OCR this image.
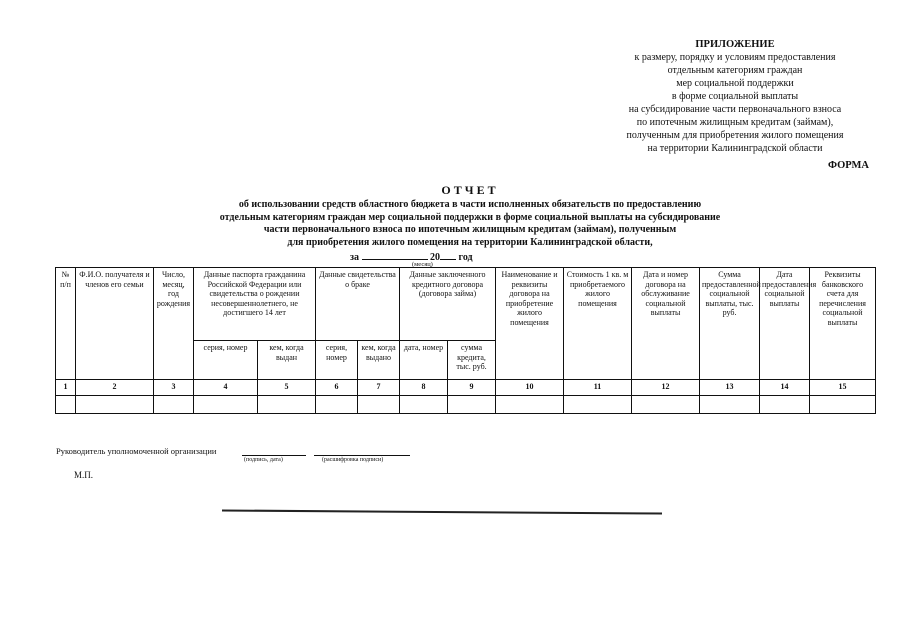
ПРИЛОЖЕНИЕ
к размеру, порядку и условиям предоставления
отдельным категориям граждан
мер социальной поддержки
в форме социальной выплаты
на субсидирование части первоначального взноса
по ипотечным жилищным кредитам (займам),
полученным для приобретения жилого помещения
на территории Калининградской области
ФОРМА
ОТЧЕТ
об использовании средств областного бюджета в части исполненных обязательств по предоставлению
отдельным категориям граждан мер социальной поддержки в форме социальной выплаты на субсидирование
части первоначального взноса по ипотечным жилищным кредитам (займам), полученным
для приобретения жилого помещения на территории Калининградской области,
за	20 год
(месяц)
№ п/п	Ф.И.О. получателя и членов его семьи	Число, месяц, год рождения	Данные паспорта гражданина Российской Федерации или свидетельства о рождении несовершеннолетнего, не достигшего 14 лет		Данные свидетельства о браке		Данные заключенного кредитного договора (договора займа)		Наименование и реквизиты договора на приобретение жилого помещения	Стоимость 1 кв. м приобретаемого жилого помещения	Дата и номер договора на обслуживание социальной выплаты	Сумма предоставленной социальной выплаты, тыс. руб.	Дата предоставления социальной выплаты	Реквизиты банковского счета для перечисления социальной выплаты
			серия, номер	кем, когда выдан	серия, номер	кем, когда выдано	дата, номер	сумма кредита, тыс. руб.						
1	2	3	4	5	6	7	8	9	10	11	12	13	14	15

Руководитель уполномоченной организации
(подпись, дата)	(расшифровка подписи)
М.П.
